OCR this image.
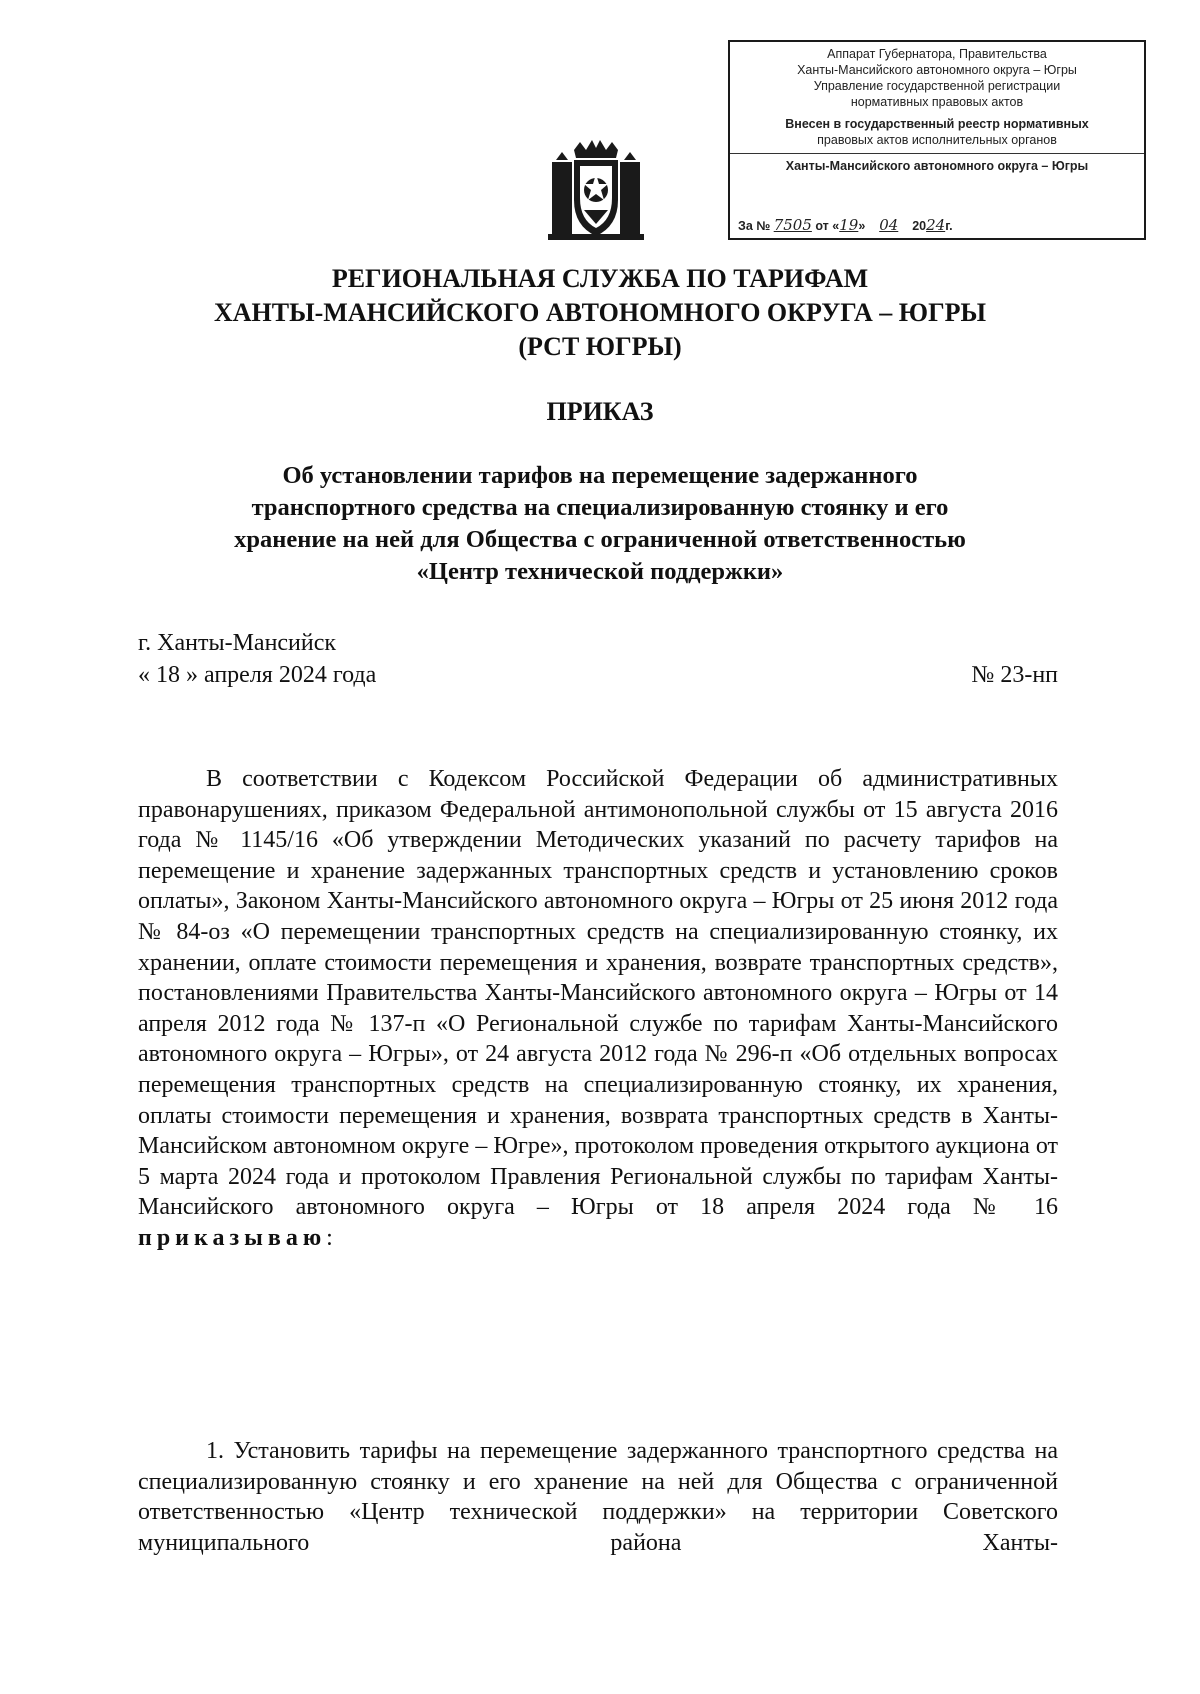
Аппарат Губернатора, Правительства
Ханты-Мансийского автономного округа – Югры
Управление государственной регистрации
нормативных правовых актов
Внесен в государственный реестр нормативных
правовых актов исполнительных органов
Ханты-Мансийского автономного округа – Югры
За № 7505 от «19» 04 2024г.
РЕГИОНАЛЬНАЯ СЛУЖБА ПО ТАРИФАМ
ХАНТЫ-МАНСИЙСКОГО АВТОНОМНОГО ОКРУГА – ЮГРЫ
(РСТ ЮГРЫ)
ПРИКАЗ
Об установлении тарифов на перемещение задержанного
транспортного средства на специализированную стоянку и его
хранение на ней для Общества с ограниченной ответственностью
«Центр технической поддержки»
г. Ханты-Мансийск
« 18 » апреля 2024 года	№ 23-нп
В соответствии с Кодексом Российской Федерации об административных правонарушениях, приказом Федеральной антимонопольной службы от 15 августа 2016 года № 1145/16 «Об утверждении Методических указаний по расчету тарифов на перемещение и хранение задержанных транспортных средств и установлению сроков оплаты», Законом Ханты-Мансийского автономного округа – Югры от 25 июня 2012 года № 84-оз «О перемещении транспортных средств на специализированную стоянку, их хранении, оплате стоимости перемещения и хранения, возврате транспортных средств», постановлениями Правительства Ханты-Мансийского автономного округа – Югры от 14 апреля 2012 года № 137-п «О Региональной службе по тарифам Ханты-Мансийского автономного округа – Югры», от 24 августа 2012 года № 296-п «Об отдельных вопросах перемещения транспортных средств на специализированную стоянку, их хранения, оплаты стоимости перемещения и хранения, возврата транспортных средств в Ханты-Мансийском автономном округе – Югре», протоколом проведения открытого аукциона от 5 марта 2024 года и протоколом Правления Региональной службы по тарифам Ханты-Мансийского автономного округа – Югры от 18 апреля 2024 года № 16
приказываю:
1. Установить тарифы на перемещение задержанного транспортного средства на специализированную стоянку и его хранение на ней для Общества с ограниченной ответственностью «Центр технической поддержки» на территории Советского муниципального района Ханты-
